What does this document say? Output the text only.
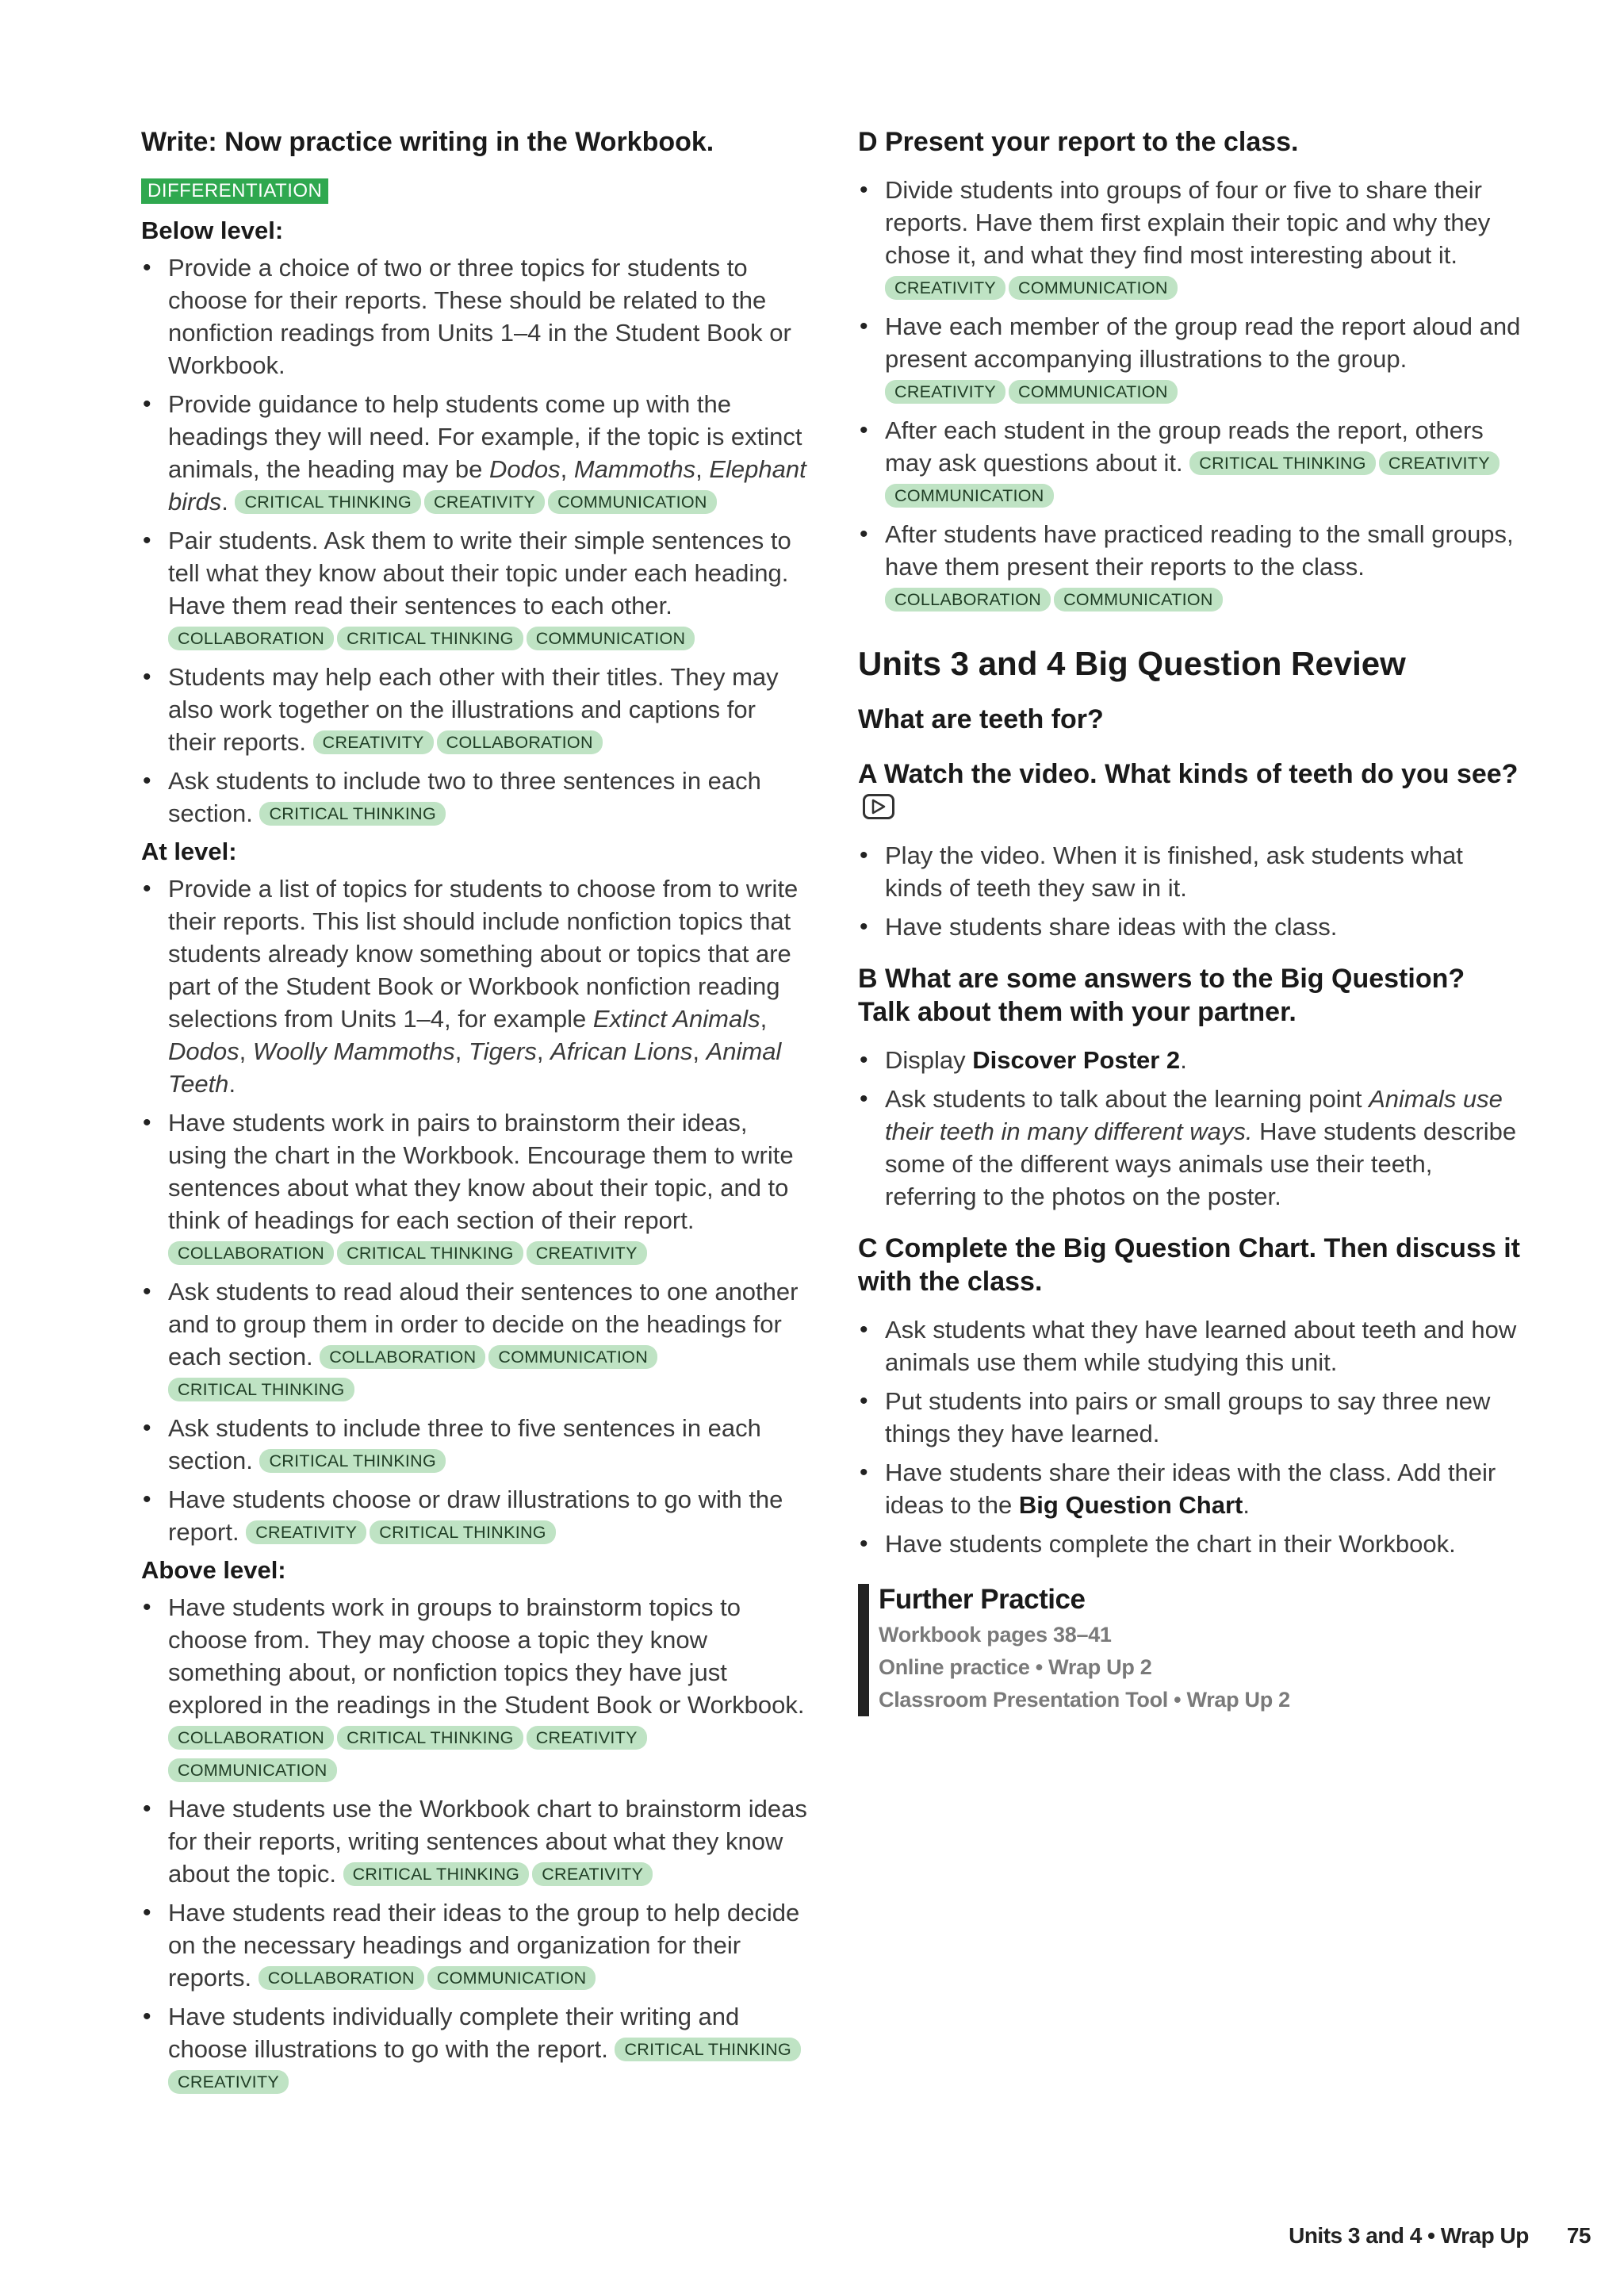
Write: Now practice writing in the Workbook.
DIFFERENTIATION
Below level:
• Provide a choice of two or three topics for students to choose for their reports. These should be related to the nonfiction readings from Units 1–4 in the Student Book or Workbook.
• Provide guidance to help students come up with the headings they will need. For example, if the topic is extinct animals, the heading may be Dodos, Mammoths, Elephant birds. CRITICAL THINKING CREATIVITY COMMUNICATION
• Pair students. Ask them to write their simple sentences to tell what they know about their topic under each heading. Have them read their sentences to each other. COLLABORATION CRITICAL THINKING COMMUNICATION
• Students may help each other with their titles. They may also work together on the illustrations and captions for their reports. CREATIVITY COLLABORATION
• Ask students to include two to three sentences in each section. CRITICAL THINKING
At level:
• Provide a list of topics for students to choose from to write their reports. This list should include nonfiction topics that students already know something about or topics that are part of the Student Book or Workbook nonfiction reading selections from Units 1–4, for example Extinct Animals, Dodos, Woolly Mammoths, Tigers, African Lions, Animal Teeth.
• Have students work in pairs to brainstorm their ideas, using the chart in the Workbook. Encourage them to write sentences about what they know about their topic, and to think of headings for each section of their report. COLLABORATION CRITICAL THINKING CREATIVITY
• Ask students to read aloud their sentences to one another and to group them in order to decide on the headings for each section. COLLABORATION COMMUNICATIONCRITICAL THINKING
• Ask students to include three to five sentences in each section. CRITICAL THINKING
• Have students choose or draw illustrations to go with the report. CREATIVITY CRITICAL THINKING
Above level:
• Have students work in groups to brainstorm topics to choose from. They may choose a topic they know something about, or nonfiction topics they have just explored in the readings in the Student Book or Workbook. COLLABORATION CRITICAL THINKING CREATIVITYCOMMUNICATION
• Have students use the Workbook chart to brainstorm ideas for their reports, writing sentences about what they know about the topic. CRITICAL THINKING CREATIVITY
• Have students read their ideas to the group to help decide on the necessary headings and organization for their reports. COLLABORATION COMMUNICATION
• Have students individually complete their writing and choose illustrations to go with the report. CRITICAL THINKINGCREATIVITY
D Present your report to the class.
• Divide students into groups of four or five to share their reports. Have them first explain their topic and why they chose it, and what they find most interesting about it. CREATIVITY COMMUNICATION
• Have each member of the group read the report aloud and present accompanying illustrations to the group. CREATIVITY COMMUNICATION
• After each student in the group reads the report, others may ask questions about it. CRITICAL THINKING CREATIVITYCOMMUNICATION
• After students have practiced reading to the small groups, have them present their reports to the class. COLLABORATION COMMUNICATION
Units 3 and 4 Big Question Review
What are teeth for?
A Watch the video. What kinds of teeth do you see?
• Play the video. When it is finished, ask students what kinds of teeth they saw in it.
• Have students share ideas with the class.
B What are some answers to the Big Question? Talk about them with your partner.
• Display Discover Poster 2.
• Ask students to talk about the learning point Animals use their teeth in many different ways. Have students describe some of the different ways animals use their teeth, referring to the photos on the poster.
C Complete the Big Question Chart. Then discuss it with the class.
• Ask students what they have learned about teeth and how animals use them while studying this unit.
• Put students into pairs or small groups to say three new things they have learned.
• Have students share their ideas with the class. Add their ideas to the Big Question Chart.
• Have students complete the chart in their Workbook.
Further Practice
Workbook pages 38–41
Online practice • Wrap Up 2
Classroom Presentation Tool • Wrap Up 2
Units 3 and 4 • Wrap Up 75
